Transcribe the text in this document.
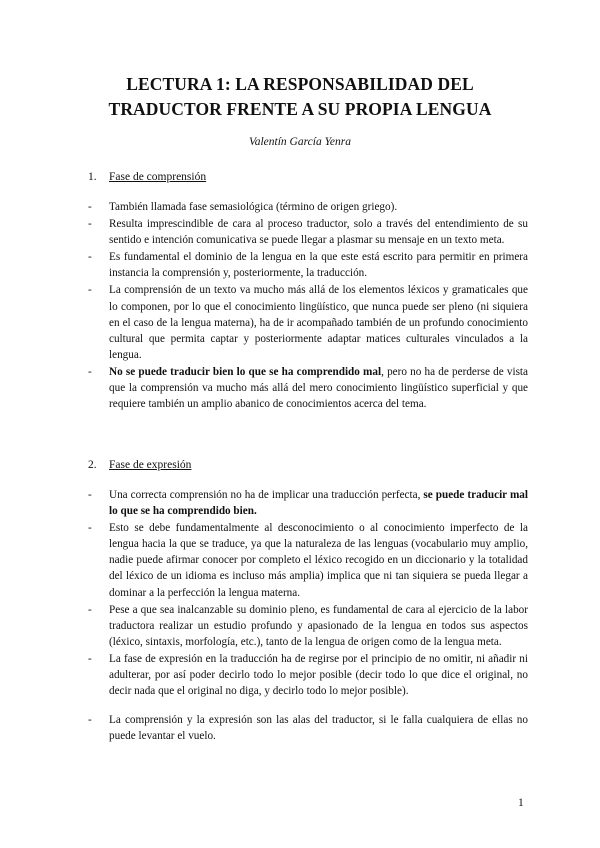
LECTURA 1: LA RESPONSABILIDAD DEL
TRADUCTOR FRENTE A SU PROPIA LENGUA
Valentín García Yenra
1. Fase de comprensión
- También llamada fase semasiológica (término de origen griego).
- Resulta imprescindible de cara al proceso traductor, solo a través del entendimiento de su sentido e intención comunicativa se puede llegar a plasmar su mensaje en un texto meta.
- Es fundamental el dominio de la lengua en la que este está escrito para permitir en primera instancia la comprensión y, posteriormente, la traducción.
- La comprensión de un texto va mucho más allá de los elementos léxicos y gramaticales que lo componen, por lo que el conocimiento lingüístico, que nunca puede ser pleno (ni siquiera en el caso de la lengua materna), ha de ir acompañado también de un profundo conocimiento cultural que permita captar y posteriormente adaptar matices culturales vinculados a la lengua.
- No se puede traducir bien lo que se ha comprendido mal, pero no ha de perderse de vista que la comprensión va mucho más allá del mero conocimiento lingüístico superficial y que requiere también un amplio abanico de conocimientos acerca del tema.
2. Fase de expresión
- Una correcta comprensión no ha de implicar una traducción perfecta, se puede traducir mal lo que se ha comprendido bien.
- Esto se debe fundamentalmente al desconocimiento o al conocimiento imperfecto de la lengua hacia la que se traduce, ya que la naturaleza de las lenguas (vocabulario muy amplio, nadie puede afirmar conocer por completo el léxico recogido en un diccionario y la totalidad del léxico de un idioma es incluso más amplia) implica que ni tan siquiera se pueda llegar a dominar a la perfección la lengua materna.
- Pese a que sea inalcanzable su dominio pleno, es fundamental de cara al ejercicio de la labor traductora realizar un estudio profundo y apasionado de la lengua en todos sus aspectos (léxico, sintaxis, morfología, etc.), tanto de la lengua de origen como de la lengua meta.
- La fase de expresión en la traducción ha de regirse por el principio de no omitir, ni añadir ni adulterar, por así poder decirlo todo lo mejor posible (decir todo lo que dice el original, no decir nada que el original no diga, y decirlo todo lo mejor posible).
- La comprensión y la expresión son las alas del traductor, si le falla cualquiera de ellas no puede levantar el vuelo.
1
